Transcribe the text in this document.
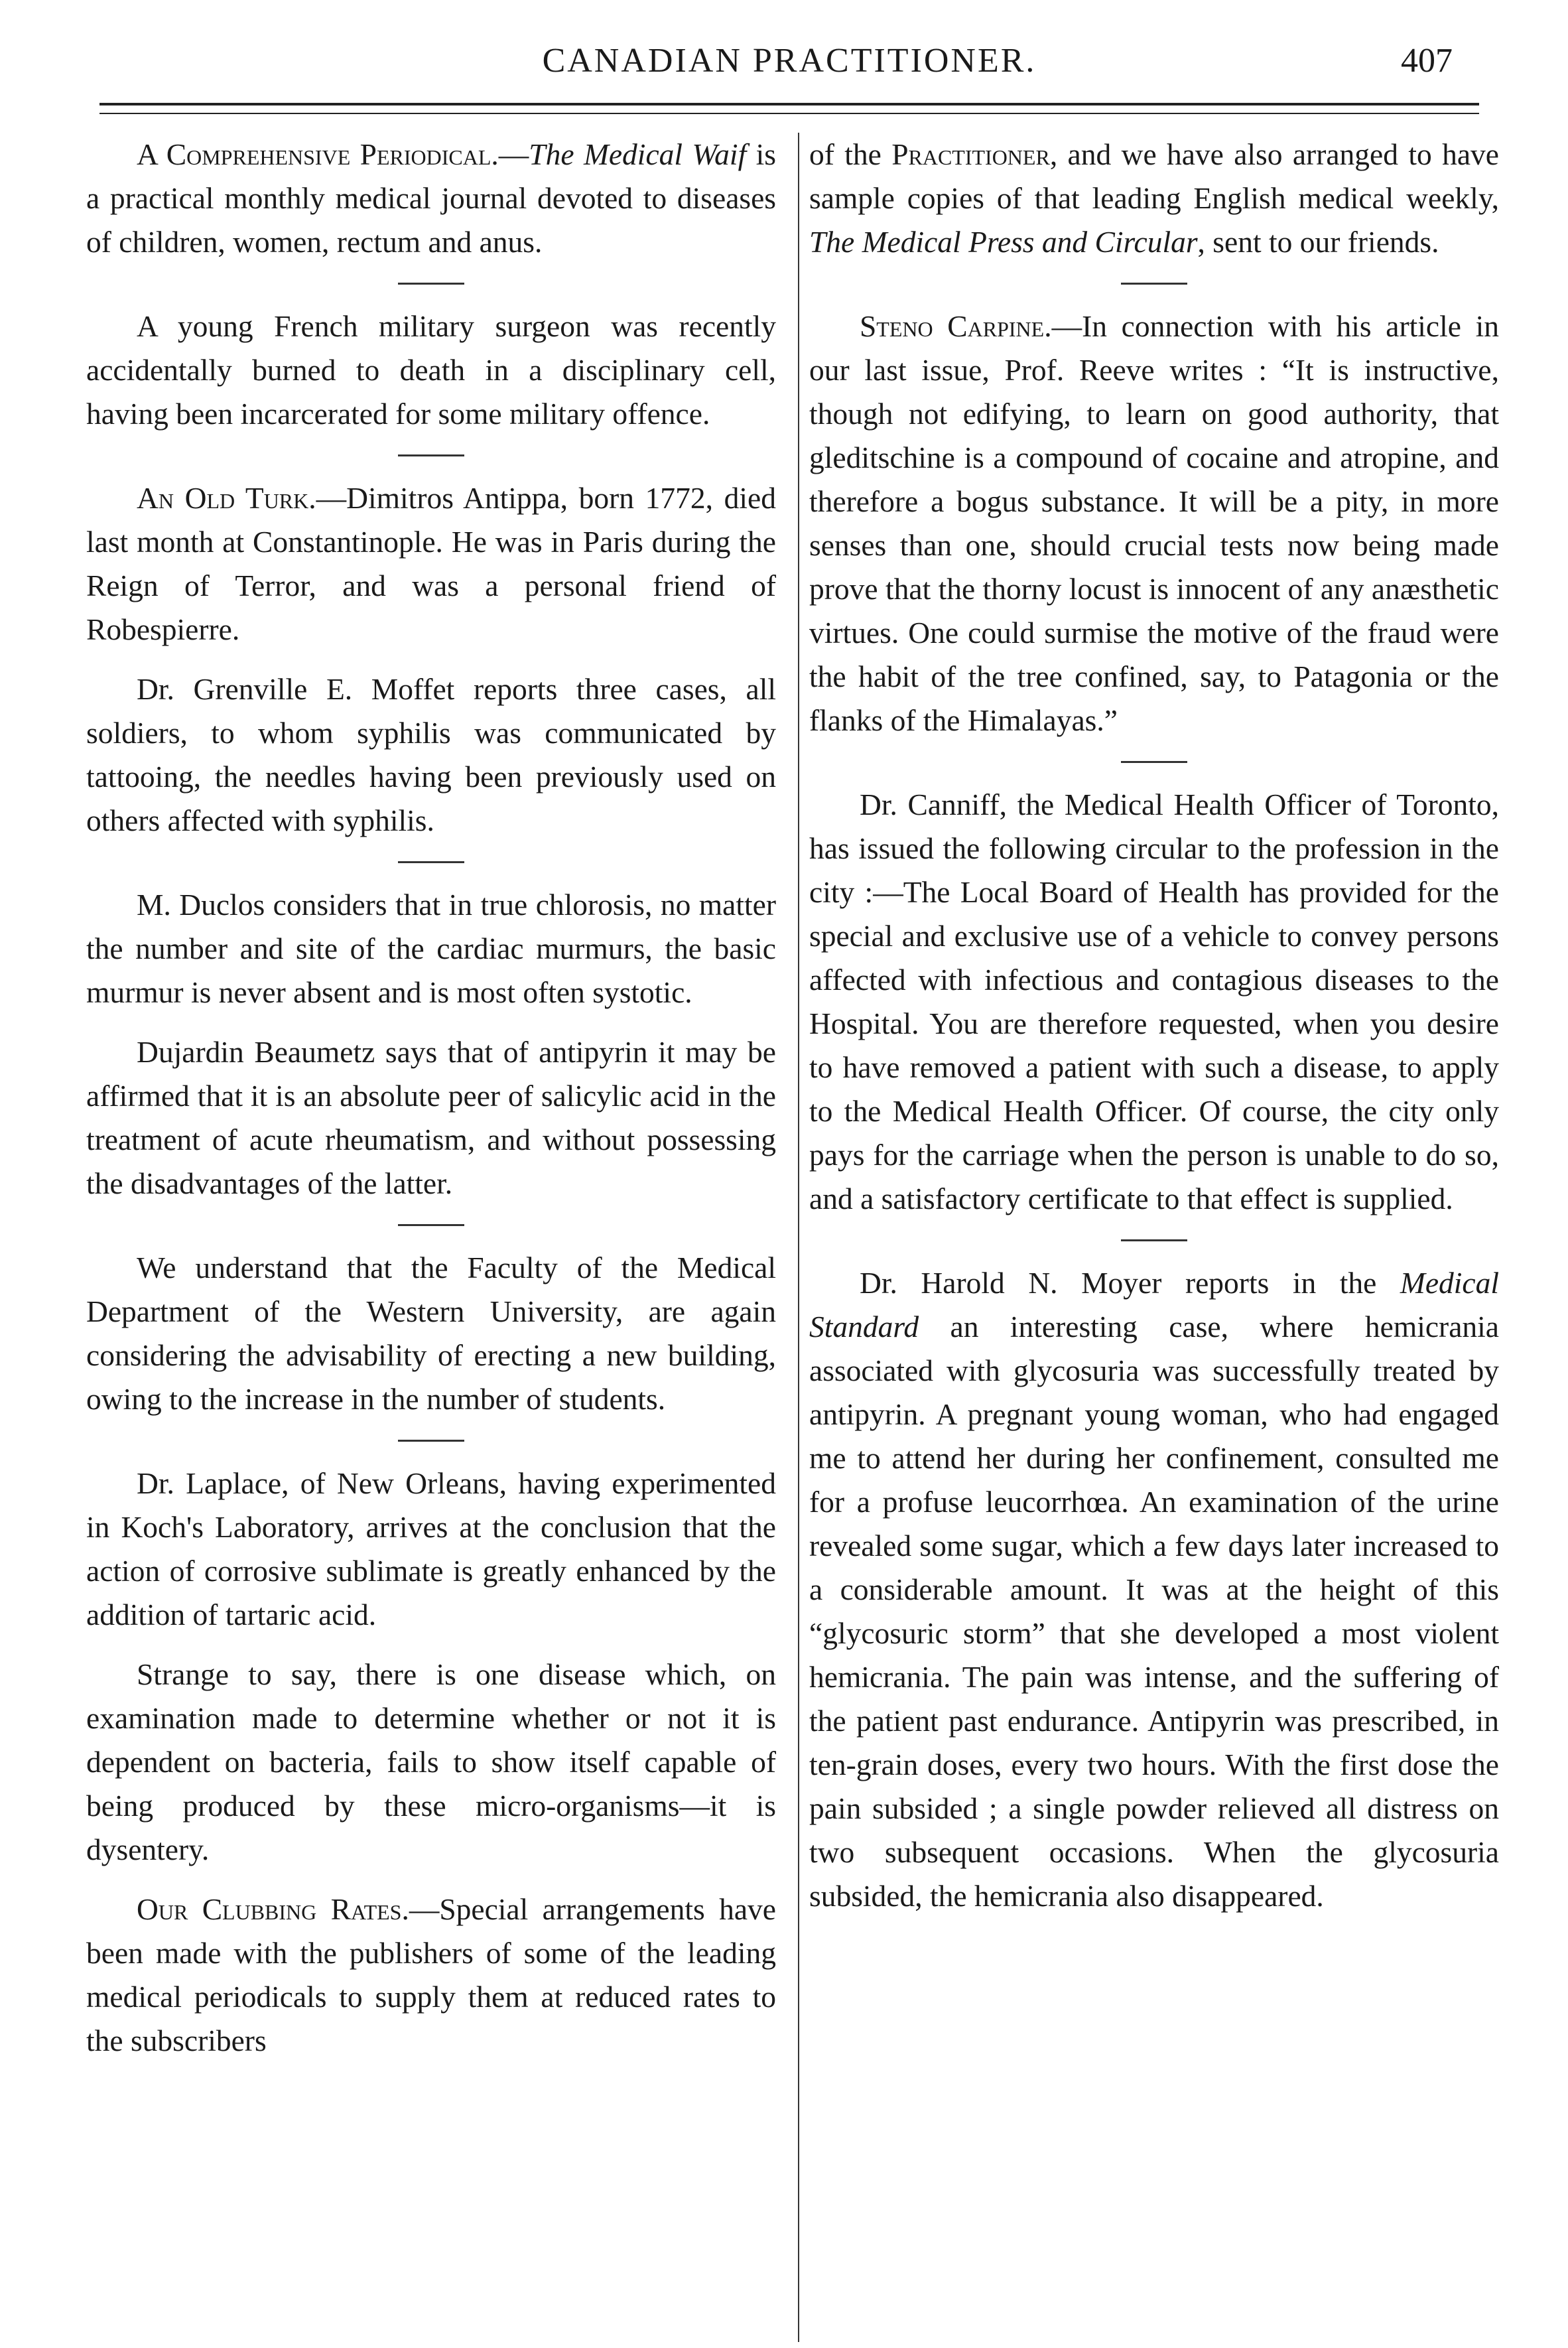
CANADIAN PRACTITIONER.	407

A Comprehensive Periodical.—The Medical Waif is a practical monthly medical journal devoted to diseases of children, women, rectum and anus.

A young French military surgeon was recently accidentally burned to death in a disciplinary cell, having been incarcerated for some military offence.

An Old Turk.—Dimitros Antippa, born 1772, died last month at Constantinople. He was in Paris during the Reign of Terror, and was a personal friend of Robespierre.

Dr. Grenville E. Moffet reports three cases, all soldiers, to whom syphilis was communicated by tattooing, the needles having been previously used on others affected with syphilis.

M. Duclos considers that in true chlorosis, no matter the number and site of the cardiac murmurs, the basic murmur is never absent and is most often systotic.

Dujardin Beaumetz says that of antipyrin it may be affirmed that it is an absolute peer of salicylic acid in the treatment of acute rheumatism, and without possessing the disadvantages of the latter.

We understand that the Faculty of the Medical Department of the Western University, are again considering the advisability of erecting a new building, owing to the increase in the number of students.

Dr. Laplace, of New Orleans, having experimented in Koch's Laboratory, arrives at the conclusion that the action of corrosive sublimate is greatly enhanced by the addition of tartaric acid.

Strange to say, there is one disease which, on examination made to determine whether or not it is dependent on bacteria, fails to show itself capable of being produced by these micro-organisms—it is dysentery.

Our Clubbing Rates.—Special arrangements have been made with the publishers of some of the leading medical periodicals to supply them at reduced rates to the subscribers

of the Practitioner, and we have also arranged to have sample copies of that leading English medical weekly, The Medical Press and Circular, sent to our friends.

Steno Carpine.—In connection with his article in our last issue, Prof. Reeve writes : “It is instructive, though not edifying, to learn on good authority, that gleditschine is a compound of cocaine and atropine, and therefore a bogus substance. It will be a pity, in more senses than one, should crucial tests now being made prove that the thorny locust is innocent of any anæsthetic virtues. One could surmise the motive of the fraud were the habit of the tree confined, say, to Patagonia or the flanks of the Himalayas.”

Dr. Canniff, the Medical Health Officer of Toronto, has issued the following circular to the profession in the city :—The Local Board of Health has provided for the special and exclusive use of a vehicle to convey persons affected with infectious and contagious diseases to the Hospital. You are therefore requested, when you desire to have removed a patient with such a disease, to apply to the Medical Health Officer. Of course, the city only pays for the carriage when the person is unable to do so, and a satisfactory certificate to that effect is supplied.

Dr. Harold N. Moyer reports in the Medical Standard an interesting case, where hemicrania associated with glycosuria was successfully treated by antipyrin. A pregnant young woman, who had engaged me to attend her during her confinement, consulted me for a profuse leucorrhœa. An examination of the urine revealed some sugar, which a few days later increased to a considerable amount. It was at the height of this “glycosuric storm” that she developed a most violent hemicrania. The pain was intense, and the suffering of the patient past endurance. Antipyrin was prescribed, in ten-grain doses, every two hours. With the first dose the pain subsided ; a single powder relieved all distress on two subsequent occasions. When the glycosuria subsided, the hemicrania also disappeared.
